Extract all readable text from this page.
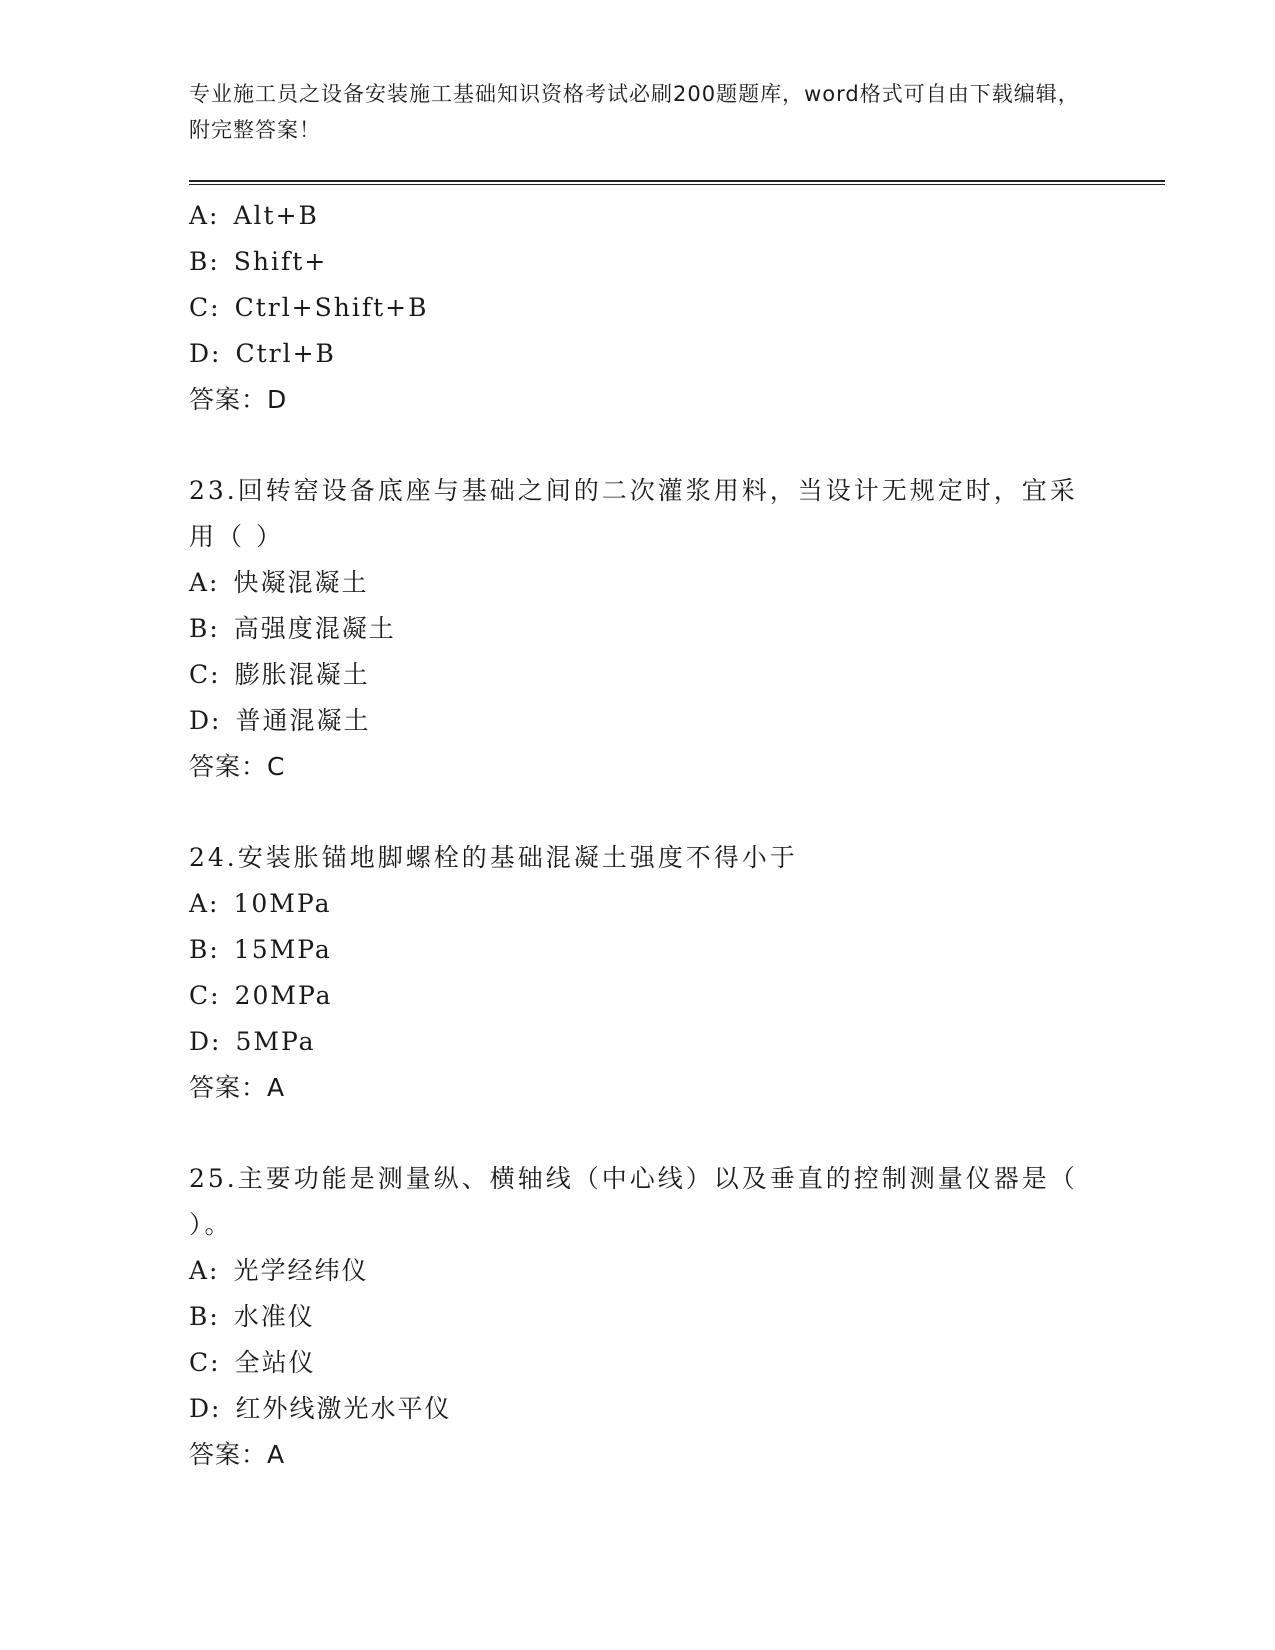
专业施工员之设备安装施工基础知识资格考试必刷200题题库，word格式可自由下载编辑，附完整答案！
A: Alt+B
B: Shift+
C: Ctrl+Shift+B
D: Ctrl+B
答案：D
23.回转窑设备底座与基础之间的二次灌浆用料，当设计无规定时，宜采用（ ）
A: 快凝混凝土
B: 高强度混凝土
C: 膨胀混凝土
D: 普通混凝土
答案：C
24.安装胀锚地脚螺栓的基础混凝土强度不得小于
A: 10MPa
B: 15MPa
C: 20MPa
D: 5MPa
答案：A
25.主要功能是测量纵、横轴线（中心线）以及垂直的控制测量仪器是（ ）。
A: 光学经纬仪
B: 水准仪
C: 全站仪
D: 红外线激光水平仪
答案：A
